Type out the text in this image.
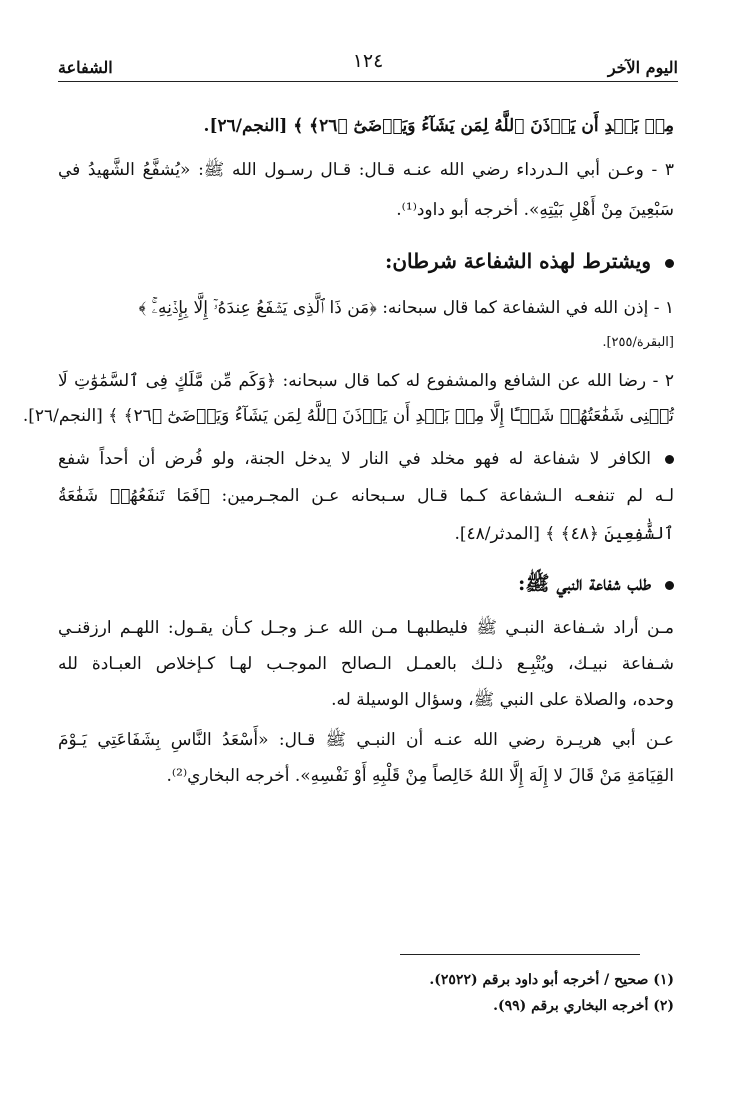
اليوم الآخر
١٢٤
الشفاعة
مِنۢ بَعۡدِ أَن يَأۡذَنَ ٱللَّهُ لِمَن يَشَآءُ وَيَرۡضَىٰٓ ﴿٢٦﴾ ﴾ [النجم/٢٦].
٣ - وعـن أبي الـدرداء رضي الله عنـه قـال: قـال رسـول الله ﷺ: «يُشفَّعُ الشَّهيدُ في
سَبْعِينَ مِنْ أَهْلِ بَيْتِهِ». أخرجه أبو داود⁽¹⁾.
ويشترط لهذه الشفاعة شرطان:
١ - إذن الله في الشفاعة كما قال سبحانه: ﴿مَن ذَا ٱلَّذِى يَشۡفَعُ عِندَهُۥٓ إِلَّا بِإِذۡنِهِۦۚ ﴾
[البقرة/٢٥٥].
٢ - رضا الله عن الشافع والمشفوع له كما قال سبحانه: ﴿وَكَم مِّن مَّلَكٍ فِى ٱلسَّمَٰوَٰتِ لَا
تُغۡنِى شَفَٰعَتُهُمۡ شَيۡـًٔا إِلَّا مِنۢ بَعۡدِ أَن يَأۡذَنَ ٱللَّهُ لِمَن يَشَآءُ وَيَرۡضَىٰٓ ﴿٢٦﴾ ﴾ [النجم/٢٦].
الكافر لا شفاعة له فهو مخلد في النار لا يدخل الجنة، ولو فُرض أن أحداً شفع
لـه لم تنفعـه الـشفاعة كـما قـال سـبحانه عـن المجـرمين: ﴿فَمَا تَنفَعُهُمۡ شَفَٰعَةُ
ٱلشَّٰفِعِينَ ﴿٤٨﴾ ﴾ [المدثر/٤٨].
طلب شفاعة النبي ﷺ:
مـن أراد شـفاعة النبـي ﷺ فليطلبهـا مـن الله عـز وجـل كـأن يقـول: اللهـم ارزقنـي
شـفاعة نبيـك، ويُتْبِـع ذلـك بالعمـل الـصالح الموجـب لهـا كـإخلاص العبـادة لله
وحده، والصلاة على النبي ﷺ، وسؤال الوسيلة له.
عـن أبي هريـرة رضي الله عنـه أن النبـي ﷺ قـال: «أَسْعَدُ النَّاسِ بِشَفَاعَتِي يَـوْمَ
القِيَامَةِ مَنْ قَالَ لا إِلَهَ إِلَّا اللهُ خَالِصاً مِنْ قَلْبِهِ أَوْ نَفْسِهِ». أخرجه البخاري⁽²⁾.
(١) صحيح / أخرجه أبو داود برقم (٢٥٢٢).
(٢) أخرجه البخاري برقم (٩٩).
